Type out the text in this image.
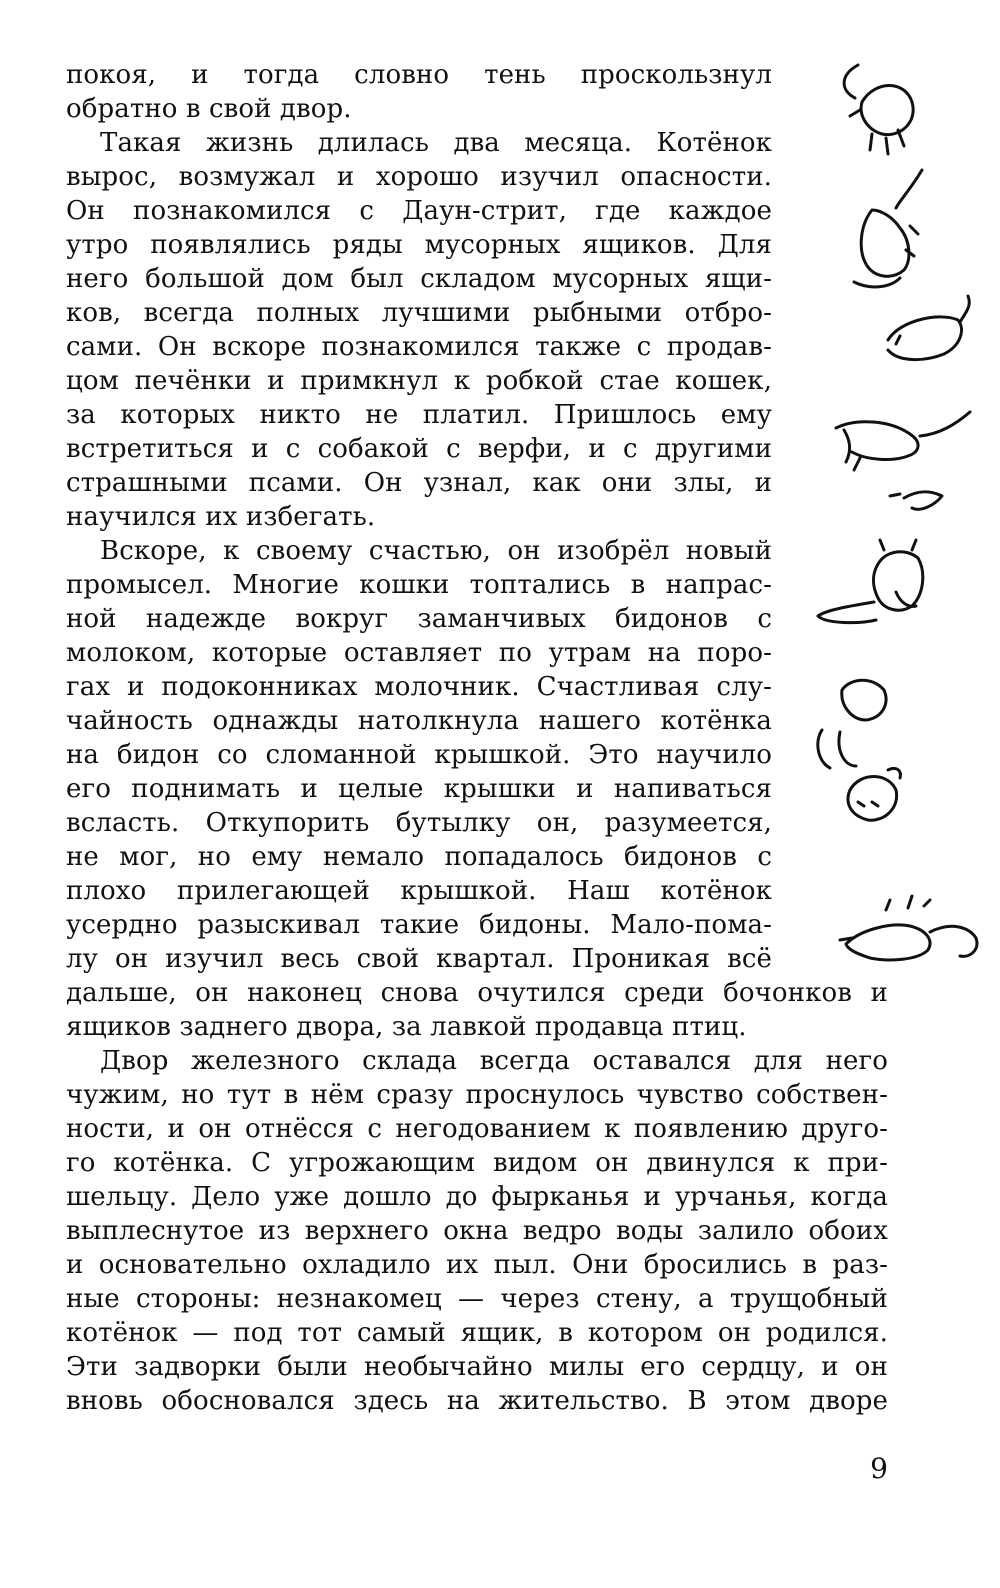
покоя, и тогда словно тень проскользнул
обратно в свой двор.
Такая жизнь длилась два месяца. Котёнок
вырос, возмужал и хорошо изучил опасности.
Он познакомился с Даун-стрит, где каждое
утро появлялись ряды мусорных ящиков. Для
него большой дом был складом мусорных ящи-
ков, всегда полных лучшими рыбными отбро-
сами. Он вскоре познакомился также с продав-
цом печёнки и примкнул к робкой стае кошек,
за которых никто не платил. Пришлось ему
встретиться и с собакой с верфи, и с другими
страшными псами. Он узнал, как они злы, и
научился их избегать.
Вскоре, к своему счастью, он изобрёл новый
промысел. Многие кошки топтались в напрас-
ной надежде вокруг заманчивых бидонов с
молоком, которые оставляет по утрам на поро-
гах и подоконниках молочник. Счастливая слу-
чайность однажды натолкнула нашего котёнка
на бидон со сломанной крышкой. Это научило
его поднимать и целые крышки и напиваться
всласть. Откупорить бутылку он, разумеется,
не мог, но ему немало попадалось бидонов с
плохо прилегающей крышкой. Наш котёнок
усердно разыскивал такие бидоны. Мало-пома-
лу он изучил весь свой квартал. Проникая всё
дальше, он наконец снова очутился среди бочонков и
ящиков заднего двора, за лавкой продавца птиц.
Двор железного склада всегда оставался для него
чужим, но тут в нём сразу проснулось чувство собствен-
ности, и он отнёсся с негодованием к появлению друго-
го котёнка. С угрожающим видом он двинулся к при-
шельцу. Дело уже дошло до фырканья и урчанья, когда
выплеснутое из верхнего окна ведро воды залило обоих
и основательно охладило их пыл. Они бросились в раз-
ные стороны: незнакомец — через стену, а трущобный
котёнок — под тот самый ящик, в котором он родился.
Эти задворки были необычайно милы его сердцу, и он
вновь обосновался здесь на жительство. В этом дворе
9
